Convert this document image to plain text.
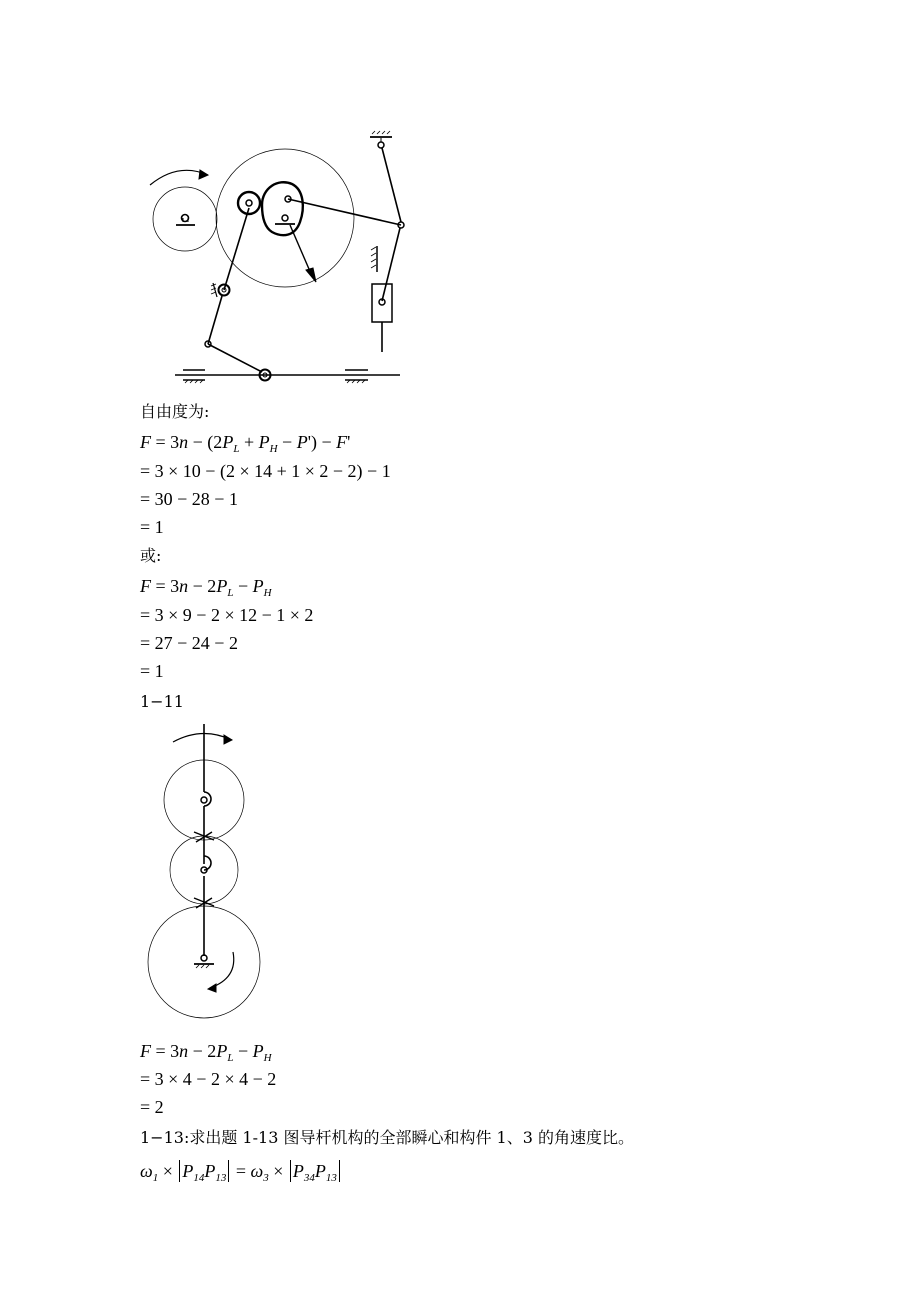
自由度为:
$F = 3n - (2P_L + P_H - P') - F'$
= 3 × 10 − (2 × 14 + 1 × 2 − 2) − 1
= 30 − 28 − 1
= 1
或:
$F = 3n - 2P_L - P_H$
= 3 × 9 − 2 × 12 − 1 × 2
= 27 − 24 − 2
= 1
1−11
$F = 3n - 2P_L - P_H$
= 3 × 4 − 2 × 4 − 2
= 2
1−13:求出题 1-13 图导杆机构的全部瞬心和构件 1、3 的角速度比。
$\omega_1 \times P_{14}P_{13} = \omega_3 \times P_{34}P_{13}$
